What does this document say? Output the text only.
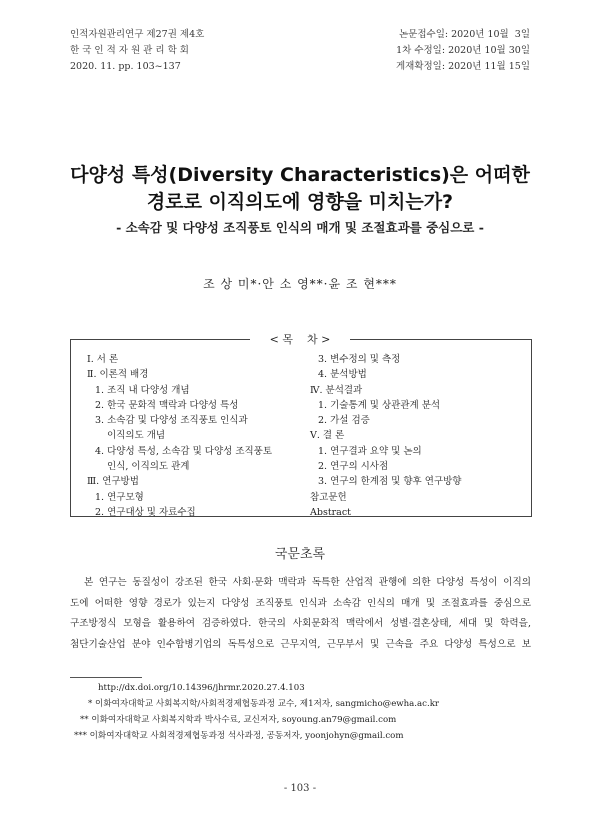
인적자원관리연구 제27권 제4호
한 국 인 적 자 원 관 리 학 회
2020. 11. pp. 103~137
논문접수일: 2020년 10월  3일
1차 수정일: 2020년 10월 30일
게재확정일: 2020년 11월 15일
다양성 특성(Diversity Characteristics)은 어떠한
경로로 이직의도에 영향을 미치는가?
- 소속감 및 다양성 조직풍토 인식의 매개 및 조절효과를 중심으로 -
조 상 미*·안 소 영**·윤 조 현***
< 목    차 >
Ⅰ. 서 론
Ⅱ. 이론적 배경
1. 조직 내 다양성 개념
2. 한국 문화적 맥락과 다양성 특성
3. 소속감 및 다양성 조직풍토 인식과
이직의도 개념
4. 다양성 특성, 소속감 및 다양성 조직풍토
인식, 이직의도 관계
Ⅲ. 연구방법
1. 연구모형
2. 연구대상 및 자료수집
3. 변수정의 및 측정
4. 분석방법
Ⅳ. 분석결과
1. 기술통계 및 상관관계 분석
2. 가설 검증
Ⅴ. 결 론
1. 연구결과 요약 및 논의
2. 연구의 시사점
3. 연구의 한계점 및 향후 연구방향
참고문헌
Abstract
국문초록
본 연구는 동질성이 강조된 한국 사회·문화 맥락과 독특한 산업적 관행에 의한 다양성 특성이 이직의
도에 어떠한 영향 경로가 있는지 다양성 조직풍토 인식과 소속감 인식의 매개 및 조절효과를 중심으로
구조방정식 모형을 활용하여 검증하였다. 한국의 사회문화적 맥락에서 성별·결혼상태, 세대 및 학력을,
첨단기술산업 분야 인수합병기업의 독특성으로 근무지역, 근무부서 및 근속을 주요 다양성 특성으로 보
http://dx.doi.org/10.14396/jhrmr.2020.27.4.103
* 이화여자대학교 사회복지학/사회적경제협동과정 교수, 제1저자, sangmicho@ewha.ac.kr
** 이화여자대학교 사회복지학과 박사수료, 교신저자, soyoung.an79@gmail.com
*** 이화여자대학교 사회적경제협동과정 석사과정, 공동저자, yoonjohyn@gmail.com
- 103 -
